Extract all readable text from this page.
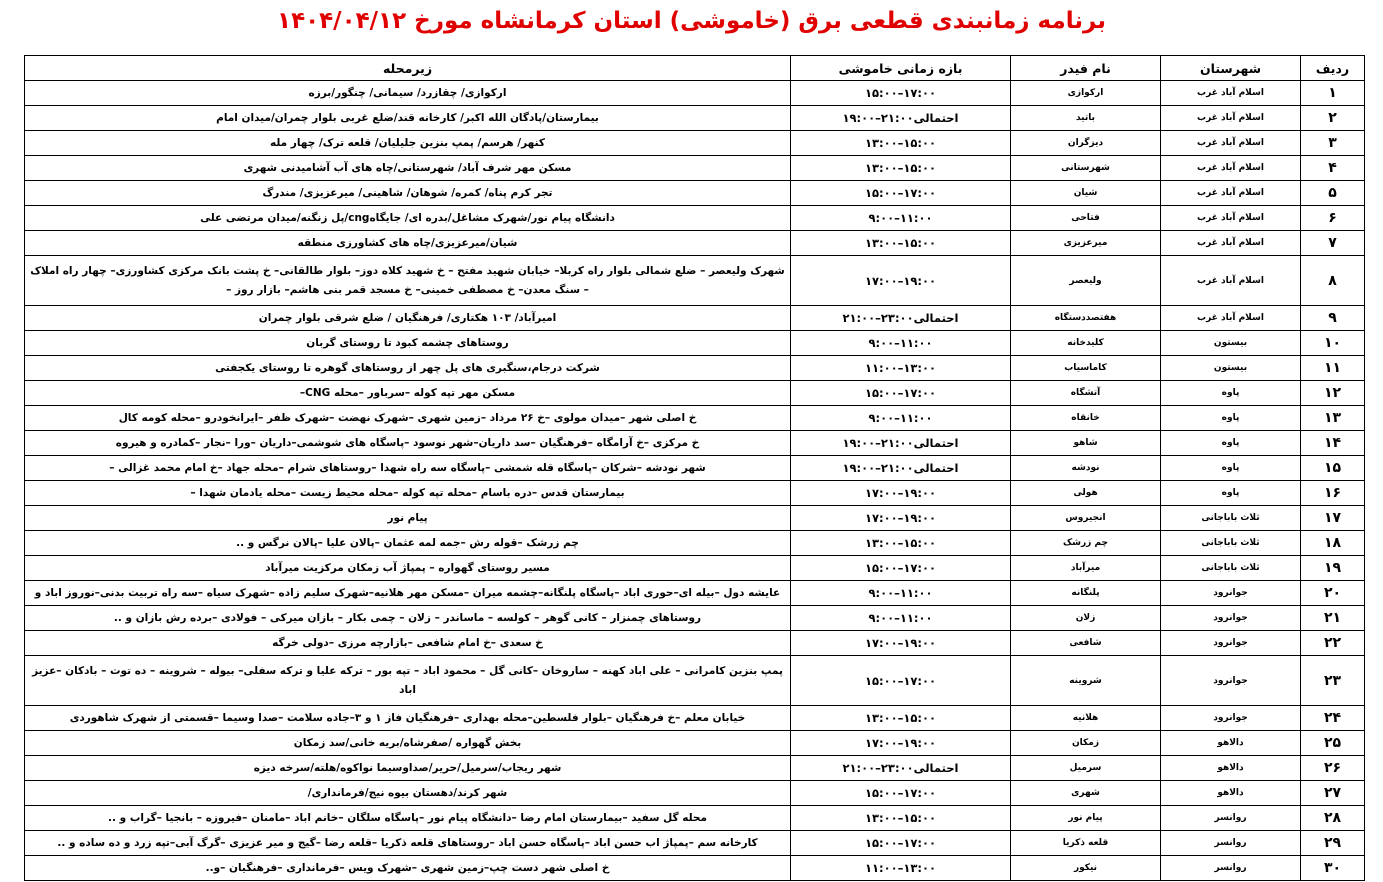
برنامه زمانبندی قطعی برق (خاموشی) استان کرمانشاه مورخ ۱۴۰۴/۰۴/۱۲
ردیف	شهرستان	نام فیدر	بازه زمانی خاموشی	زیرمحله
۱	اسلام آباد غرب	ارکوازی	۱۵:۰۰–۱۷:۰۰	ارکوازی/ چقازرد/ سیمانی/ چنگور/برزه
۲	اسلام آباد غرب	باتید	۱۹:۰۰–۲۱:۰۰احتمالی	بیمارستان/پادگان الله اکبر/ کارخانه قند/ضلع غربی بلوار چمران/میدان امام
۳	اسلام آباد غرب	دیزگران	۱۳:۰۰–۱۵:۰۰	کنهر/ هرسم/ پمپ بنزین جلیلیان/ قلعه ترک/ چهار مله
۴	اسلام آباد غرب	شهرستانی	۱۳:۰۰–۱۵:۰۰	مسکن مهر شرف آباد/ شهرستانی/چاه های آب آشامیدنی شهری
۵	اسلام آباد غرب	شیان	۱۵:۰۰–۱۷:۰۰	تجر کرم پناه/ کمره/ شوهان/ شاهینی/ میرعزیزی/ مندرگ
۶	اسلام آباد غرب	فتاحی	۹:۰۰–۱۱:۰۰	دانشگاه پیام نور/شهرک مشاغل/بدره ای/ جایگاهcng/پل زنگنه/میدان مرتضی علی
۷	اسلام آباد غرب	میرعزیزی	۱۳:۰۰–۱۵:۰۰	شیان/میرعزیزی/چاه های کشاورزی منطقه
۸	اسلام آباد غرب	ولیعصر	۱۷:۰۰–۱۹:۰۰	شهرک ولیعصر – ضلع شمالی بلوار راه کربلا– خیابان شهید مفتح – خ شهید کلاه دوز– بلوار طالقانی– خ پشت بانک مرکزی کشاورزی– چهار راه املاک – سنگ معدن– خ مصطفی خمینی– خ مسجد قمر بنی هاشم– بازار روز –
۹	اسلام آباد غرب	هفتصددستگاه	۲۱:۰۰–۲۳:۰۰احتمالی	امیرآباد/ ۱۰۳ هکتاری/ فرهنگیان / ضلع شرقی بلوار چمران
۱۰	بیستون	کلیدخانه	۹:۰۰–۱۱:۰۰	روستاهای چشمه کبود تا روستای گربان
۱۱	بیستون	کاماسیاب	۱۱:۰۰–۱۳:۰۰	شرکت درجام،سنگبری های پل چهر از روستاهای گوهره تا روستای یکجفتی
۱۲	پاوه	آتشگاه	۱۵:۰۰–۱۷:۰۰	مسکن مهر تپه کوله –سرباور –محله CNG–
۱۳	پاوه	خانقاه	۹:۰۰–۱۱:۰۰	خ اصلی شهر –میدان مولوی –خ ۲۶ مرداد –زمین شهری –شهرک نهضت –شهرک ظفر –ایرانخودرو –محله کومه کال
۱۴	پاوه	شاهو	۱۹:۰۰–۲۱:۰۰احتمالی	خ مرکزی –خ آرامگاه –فرهنگیان –سد داریان–شهر نوسود –پاسگاه های شوشمی–داریان –ورا –نجار –کمادره و هیروه
۱۵	پاوه	نودشه	۱۹:۰۰–۲۱:۰۰احتمالی	شهر نودشه –شرکان –پاسگاه قله شمشی –پاسگاه سه راه شهدا –روستاهای شرام –محله جهاد –خ امام محمد غزالی –
۱۶	پاوه	هولی	۱۷:۰۰–۱۹:۰۰	بیمارستان قدس –دره باسام –محله تپه کوله –محله محیط زیست –محله یادمان شهدا –
۱۷	ثلاث باباجانی	انجیروس	۱۷:۰۰–۱۹:۰۰	پیام نور
۱۸	ثلاث باباجانی	چم زرشک	۱۳:۰۰–۱۵:۰۰	چم زرشک –قوله رش –جمه لمه عثمان –پالان علیا –پالان نرگس و ..
۱۹	ثلاث باباجانی	میرآباد	۱۵:۰۰–۱۷:۰۰	مسیر روستای گهواره – پمپاژ آب زمکان مرکزیت میرآباد
۲۰	جوانرود	پلنگانه	۹:۰۰–۱۱:۰۰	عایشه دول –بیله ای–حوری اباد –پاسگاه پلنگانه–چشمه میران –مسکن مهر هلانیه–شهرک سلیم زاده –شهرک سیاه –سه راه تربیت بدنی–نوروز اباد و
۲۱	جوانرود	زلان	۹:۰۰–۱۱:۰۰	روستاهای چمنزار – کانی گوهر – کولسه – ماساندر – زلان – چمی بکار – بازان میرکی – فولادی –برده رش بازان و ..
۲۲	جوانرود	شافعی	۱۷:۰۰–۱۹:۰۰	خ سعدی –خ امام شافعی –بازارچه مرزی –دولی خرگه
۲۳	جوانرود	شروینه	۱۵:۰۰–۱۷:۰۰	پمپ بنزین کامرانی – علی اباد کهنه – ساروخان –کانی گل – محمود اباد – تپه بور – ترکه علیا و ترکه سفلی– بیوله – شروینه – ده توت – بادکان –عزیز اباد
۲۴	جوانرود	هلانیه	۱۳:۰۰–۱۵:۰۰	خیابان معلم –خ فرهنگیان –بلوار فلسطین–محله بهداری –فرهنگیان فاز ۱ و ۳–جاده سلامت –صدا وسیما –قسمتی از شهرک شاهوردی
۲۵	دالاهو	زمکان	۱۷:۰۰–۱۹:۰۰	بخش گهواره /صفرشاه/بریه خانی/سد زمکان
۲۶	دالاهو	سرمیل	۲۱:۰۰–۲۳:۰۰احتمالی	شهر ریجاب/سرمیل/حریر/صداوسیما نواکوه/هلته/سرخه دیزه
۲۷	دالاهو	شهری	۱۵:۰۰–۱۷:۰۰	شهر کرند/دهستان بیوه نیج/فرمانداری/
۲۸	روانسر	پیام نور	۱۳:۰۰–۱۵:۰۰	محله گل سفید –بیمارستان امام رضا –دانشگاه پیام نور –پاسگاه سلگان –خانم اباد –مامنان –فیروزه – بانجیا –گراب و ..
۲۹	روانسر	قلعه ذکریا	۱۵:۰۰–۱۷:۰۰	کارخانه سم –پمپاژ اب حسن اباد –پاسگاه حسن اباد –روستاهای قلعه ذکریا –قلعه رضا –گیج و میر عزیزی –گرگ آبی–تپه زرد و ده ساده و ..
۳۰	روانسر	نیکور	۱۱:۰۰–۱۳:۰۰	خ اصلی شهر دست چپ–زمین شهری –شهرک ویس –فرمانداری –فرهنگیان –و..
